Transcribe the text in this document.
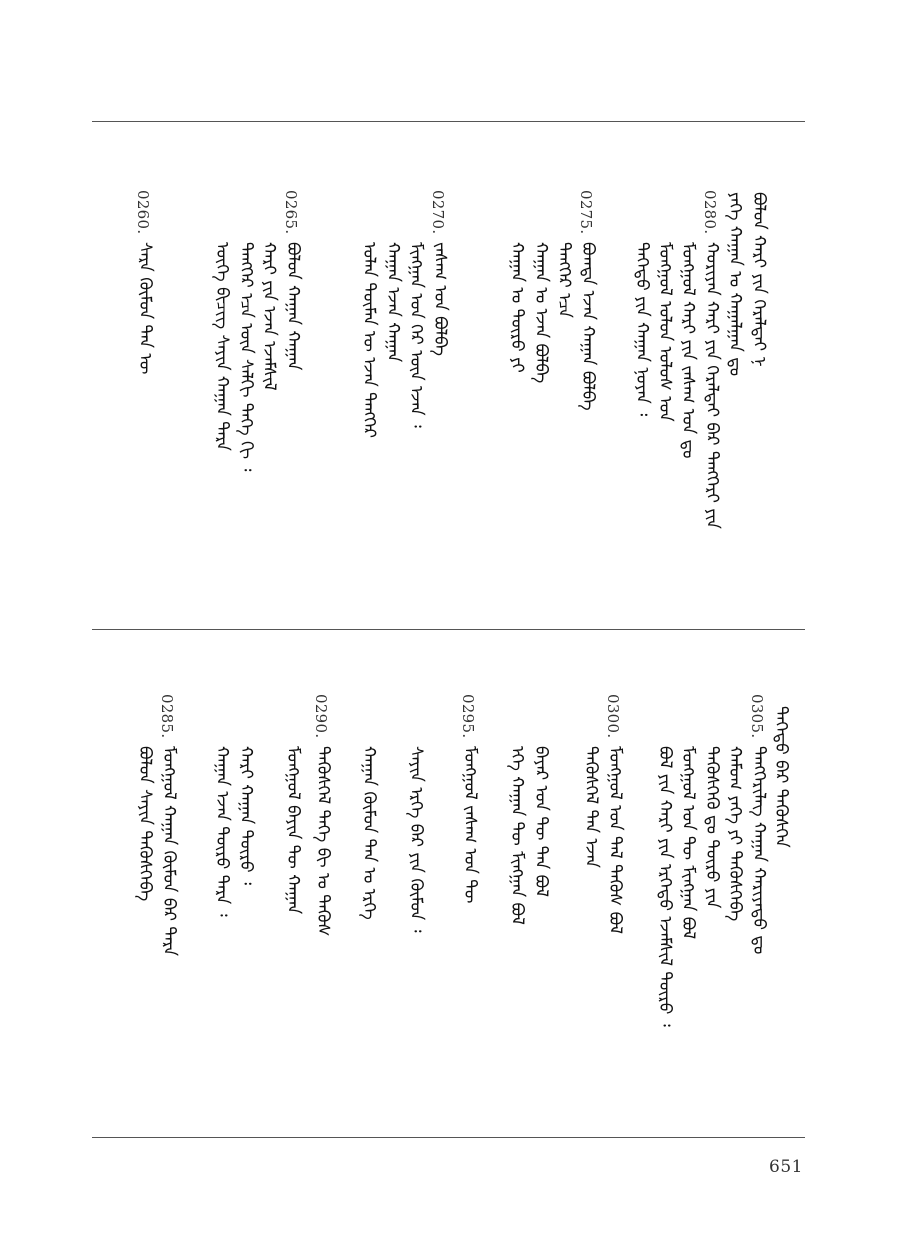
ᠪᠣᠯᠤᠨ ᠬᠠᠷᠢ ᠶᠢᠨ ᠭᠡᠷᠡᠯᠲᠡᠢ ᠨ
ᠶᠡᠬᠡ ᠬᠠᠭᠠᠨ ᠤ ᠬᠠᠭᠠᠯᠭᠠᠨ ᠳᠤ
0280.
ᠬᠤᠷᠢᠶᠠᠨ ᠬᠠᠷᠢ ᠶᠢᠨ ᠭᠡᠷᠡᠯᠲᠡᠢ ᠪᠡᠷ ᠲᠡᠩᠭᠡᠷᠢ ᠶᠢᠨ
ᠮᠣᠩᠭᠣᠯ ᠬᠠᠷᠢ ᠶᠢᠨ ᠵᠠᠰᠠᠭ ᠤᠨ ᠳᠤ
ᠮᠣᠩᠭᠣᠯ ᠣᠯᠣᠨ ᠤᠯᠤᠰ ᠤᠨ
ᠳᠡᠭᠡᠳᠦ ᠶᠢᠨ ᠬᠠᠭᠠᠨ ᠨᠣᠶᠠᠨ ᠄
0275.
ᠪᠣᠭᠳᠠ ᠡᠵᠡᠨ ᠬᠠᠭᠠᠨ ᠪᠣᠯᠪᠠ
ᠲᠡᠩᠭᠡᠷ ᠡᠴᠡ
ᠬᠠᠭᠠᠨ ᠤ ᠡᠵᠡᠨ ᠪᠣᠯᠪᠠ
ᠬᠠᠭᠠᠨ ᠤ ᠲᠦᠷᠦ ᠶᠢ
0270.
ᠵᠠᠰᠠᠭ ᠤᠨ ᠪᠣᠯᠪᠠ
ᠮᠢᠩᠭᠠᠨ ᠤᠨ ᠭᠡᠷ ᠦᠨ ᠡᠵᠡᠨ ᠄
ᠬᠠᠭᠠᠨ ᠡᠵᠡᠨ ᠬᠠᠭᠠᠨ
ᠣᠯᠠᠨ ᠲᠦᠮᠡᠨ ᠦ ᠡᠵᠡᠨ ᠲᠡᠩᠭᠡᠷ
0265.
ᠪᠣᠯᠤᠨ ᠬᠠᠭᠠᠨ ᠬᠠᠭᠠᠨ
ᠬᠠᠷᠢ ᠶᠢᠨ ᠡᠵᠡᠨ ᠡᠵᠡᠮᠰᠢᠯ
ᠲᠡᠩᠭᠡᠷ ᠡᠴᠡ ᠦᠨ ᠰᠠᠯᠬᠢ ᠲᠡᠬᠡ ᠬᠢ ᠄
ᠦᠭᠡ ᠪᠢᠴᠢᠭ ᠰᠠᠶᠢᠨ ᠬᠠᠭᠠᠨ ᠲᠡᠷᠡ
0260.
ᠰᠠᠷᠠ ᠬᠦᠮᠦᠨ ᠲᠡᠨ ᠦ
ᠳᠡᠭᠡᠳᠦ ᠪᠠᠷ ᠲᠡᠭᠦᠰᠬᠡᠨ
0305.
ᠲᠡᠩᠭᠡᠷᠢᠯᠡᠭ ᠬᠠᠭᠠᠨ ᠬᠠᠷᠢᠶᠠᠲᠤ ᠳᠤ
ᠬᠠᠮᠤᠭ ᠶᠡᠬᠡ ᠶᠢ ᠲᠡᠭᠦᠰᠬᠡᠪᠡ
ᠲᠡᠭᠦᠰᠬᠡᠬᠦ ᠳᠤ ᠲᠦᠷᠦ ᠶᠢᠨ
ᠮᠣᠩᠭᠣᠯ ᠤᠨ ᠲᠦ ᠮᠢᠩᠭᠠᠨ ᠪᠣᠯ
ᠪᠣᠯ ᠶᠢᠨ ᠬᠠᠷᠢ ᠶᠢᠨ ᠡᠷᠬᠡᠲᠦ ᠡᠵᠡᠮᠰᠢᠯ ᠲᠦᠷᠦ ᠄
0300.
ᠮᠣᠩᠭᠣᠯ ᠤᠨ ᠲᠠᠯ ᠲᠡᠭᠦᠰ ᠪᠣᠯ
ᠲᠡᠭᠦᠰᠬᠡᠯ ᠲᠡᠨ ᠡᠵᠡᠨ
ᠪᠠᠶᠠᠷ ᠤᠨ ᠲᠦ ᠲᠡᠨ ᠪᠣᠯ
ᠡᠬᠡ ᠬᠠᠭᠠᠨ ᠲᠦ ᠮᠢᠩᠭᠠᠨ ᠪᠣᠯ
0295.
ᠮᠣᠩᠭᠣᠯ ᠵᠠᠰᠠᠭ ᠤᠨ ᠲᠦ
ᠰᠠᠶᠢᠨ ᠡᠷᠬᠡ ᠪᠠᠷ ᠶᠢᠨ ᠬᠦᠮᠦᠨ ᠄
ᠬᠠᠭᠠᠨ ᠬᠦᠮᠦᠨ ᠲᠡᠨ ᠤ ᠡᠷᠬᠡ
0290.
ᠲᠡᠭᠦᠰᠬᠡᠯ ᠲᠡᠬᠡ ᠪᠢ ᠤ ᠲᠡᠭᠦᠰ
ᠮᠣᠩᠭᠣᠯ ᠪᠠᠶᠢᠨ ᠲᠦ ᠬᠠᠭᠠᠨ
ᠬᠠᠷᠢ ᠬᠠᠭᠠᠨ ᠲᠦᠷᠦ ᠄
ᠬᠠᠭᠠᠨ ᠡᠵᠡᠨ ᠲᠦᠷᠦ ᠲᠡᠷᠡ ᠄
0285.
ᠮᠣᠩᠭᠣᠯ ᠬᠠᠭᠠᠨ ᠬᠦᠮᠦᠨ ᠪᠠᠷ ᠲᠡᠷᠡ
ᠪᠣᠯᠤᠨ ᠰᠠᠶᠢᠨ ᠲᠡᠭᠦᠰᠬᠡᠪᠡ
651
